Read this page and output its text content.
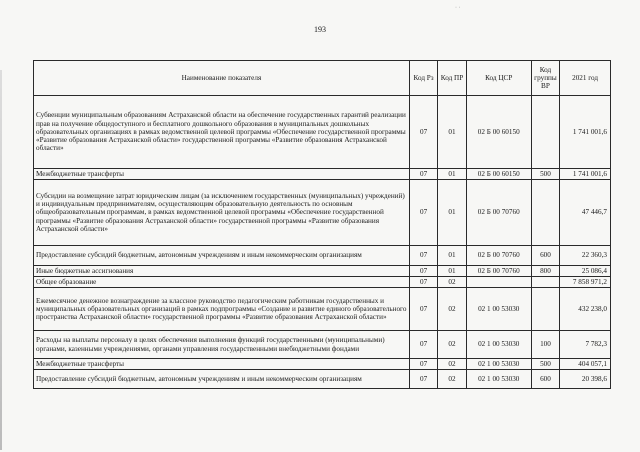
· ·
193
Наименование показателя	Код Рз	Код ПР	Код ЦСР	Код группы ВР	2021 год
Субвенции муниципальным образованиям Астраханской области на обеспечение государственных гарантий реализации прав на получение общедоступного и бесплатного дошкольного образования в муниципальных дошкольных образовательных организациях в рамках ведомственной целевой программы «Обеспечение государственной программы «Развитие образования Астраханской области» государственной программы «Развитие образования Астраханской области»	07	01	02 Б 00 60150		1 741 001,6
Межбюджетные трансферты	07	01	02 Б 00 60150	500	1 741 001,6
Субсидии на возмещение затрат юридическим лицам (за исключением государственных (муниципальных) учреждений) и индивидуальным предпринимателям, осуществляющим образовательную деятельность по основным общеобразовательным программам, в рамках ведомственной целевой программы «Обеспечение государственной программы «Развитие образования Астраханской области» государственной программы «Развитие образования Астраханской области»	07	01	02 Б 00 70760		47 446,7
Предоставление субсидий бюджетным, автономным учреждениям и иным некоммерческим организациям	07	01	02 Б 00 70760	600	22 360,3
Иные бюджетные ассигнования	07	01	02 Б 00 70760	800	25 086,4
Общее образование	07	02			7 858 971,2
Ежемесячное денежное вознаграждение за классное руководство педагогическим работникам государственных и муниципальных образовательных организаций в рамках подпрограммы «Создание и развитие единого образовательного пространства Астраханской области» государственной программы «Развитие образования Астраханской области»	07	02	02 1 00 53030		432 238,0
Расходы на выплаты персоналу в целях обеспечения выполнения функций государственными (муниципальными) органами, казенными учреждениями, органами управления государственными внебюджетными фондами	07	02	02 1 00 53030	100	7 782,3
Межбюджетные трансферты	07	02	02 1 00 53030	500	404 057,1
Предоставление субсидий бюджетным, автономным учреждениям и иным некоммерческим организациям	07	02	02 1 00 53030	600	20 398,6
